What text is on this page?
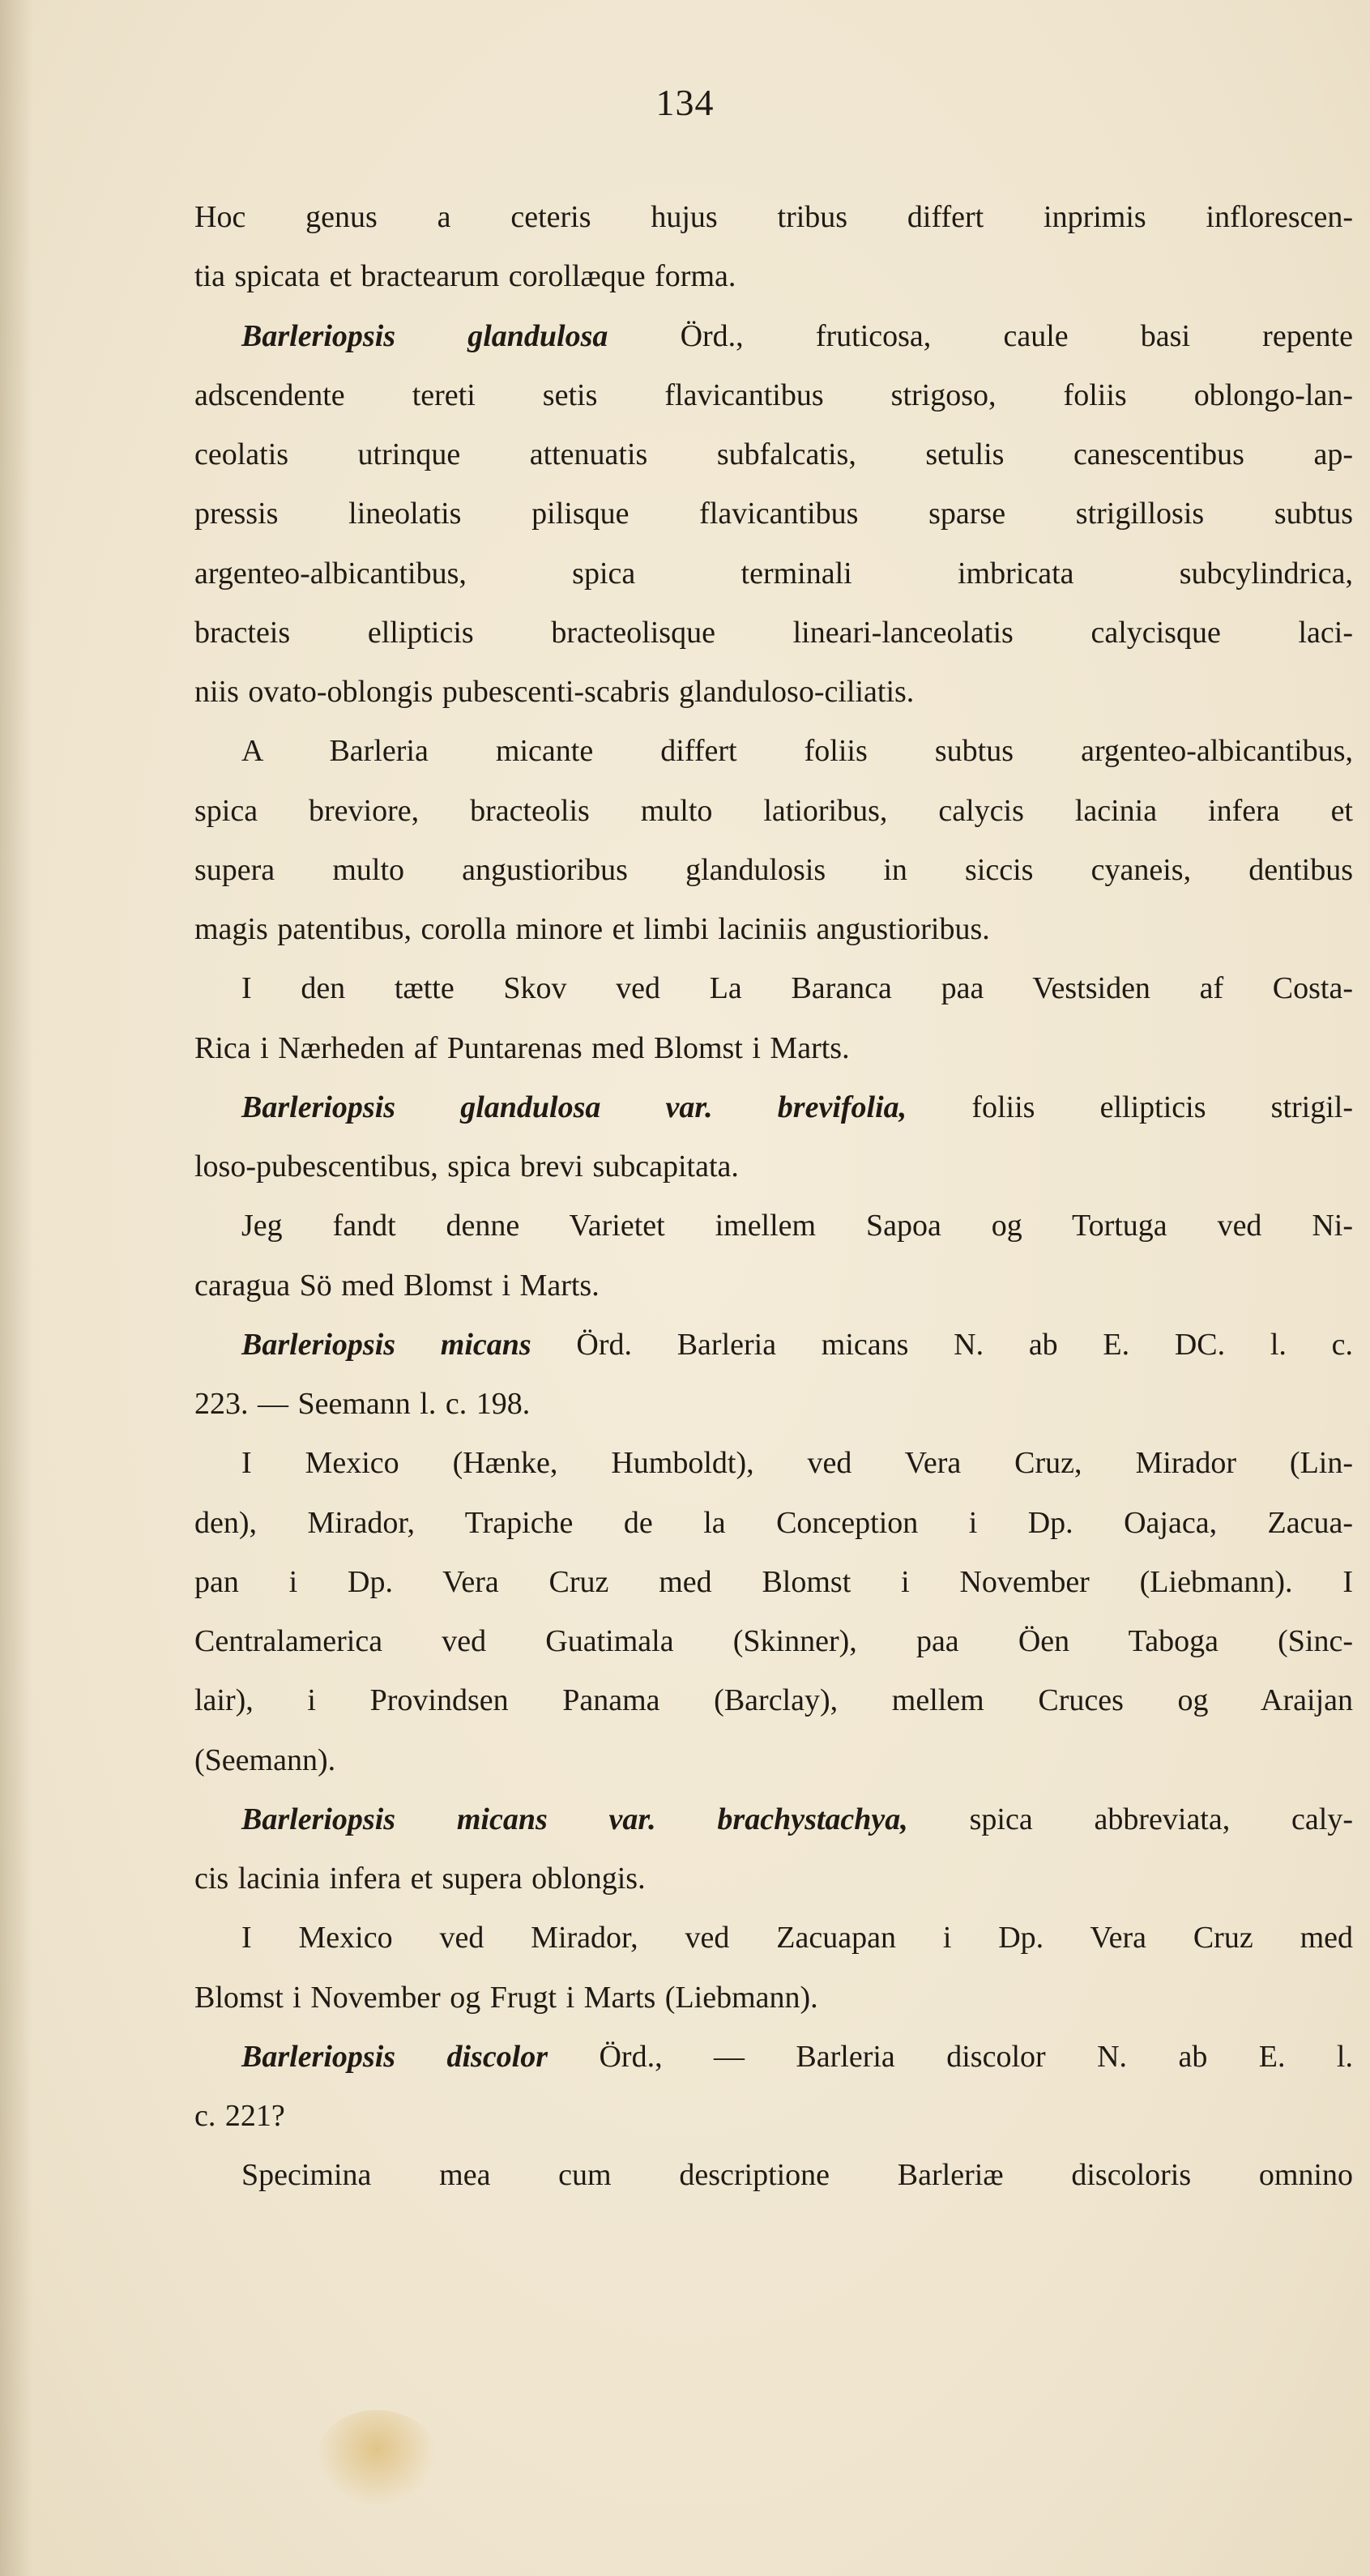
134
Hoc genus a ceteris hujus tribus differt inprimis inflorescen-
tia spicata et bractearum corollæque forma.
Barleriopsis glandulosa Örd., fruticosa, caule basi repente
adscendente tereti setis flavicantibus strigoso, foliis oblongo-lan-
ceolatis utrinque attenuatis subfalcatis, setulis canescentibus ap-
pressis lineolatis pilisque flavicantibus sparse strigillosis subtus
argenteo-albicantibus, spica terminali imbricata subcylindrica,
bracteis ellipticis bracteolisque lineari-lanceolatis calycisque laci-
niis ovato-oblongis pubescenti-scabris glanduloso-ciliatis.
A Barleria micante differt foliis subtus argenteo-albicantibus,
spica breviore, bracteolis multo latioribus, calycis lacinia infera et
supera multo angustioribus glandulosis in siccis cyaneis, dentibus
magis patentibus, corolla minore et limbi laciniis angustioribus.
I den tætte Skov ved La Baranca paa Vestsiden af Costa-
Rica i Nærheden af Puntarenas med Blomst i Marts.
Barleriopsis glandulosa var. brevifolia, foliis ellipticis strigil-
loso-pubescentibus, spica brevi subcapitata.
Jeg fandt denne Varietet imellem Sapoa og Tortuga ved Ni-
caragua Sö med Blomst i Marts.
Barleriopsis micans Örd. Barleria micans N. ab E. DC. l. c.
223. — Seemann l. c. 198.
I Mexico (Hænke, Humboldt), ved Vera Cruz, Mirador (Lin-
den), Mirador, Trapiche de la Conception i Dp. Oajaca, Zacua-
pan i Dp. Vera Cruz med Blomst i November (Liebmann). I
Centralamerica ved Guatimala (Skinner), paa Öen Taboga (Sinc-
lair), i Provindsen Panama (Barclay), mellem Cruces og Araijan
(Seemann).
Barleriopsis micans var. brachystachya, spica abbreviata, caly-
cis lacinia infera et supera oblongis.
I Mexico ved Mirador, ved Zacuapan i Dp. Vera Cruz med
Blomst i November og Frugt i Marts (Liebmann).
Barleriopsis discolor Örd., — Barleria discolor N. ab E. l.
c. 221?
Specimina mea cum descriptione Barleriæ discoloris omnino
